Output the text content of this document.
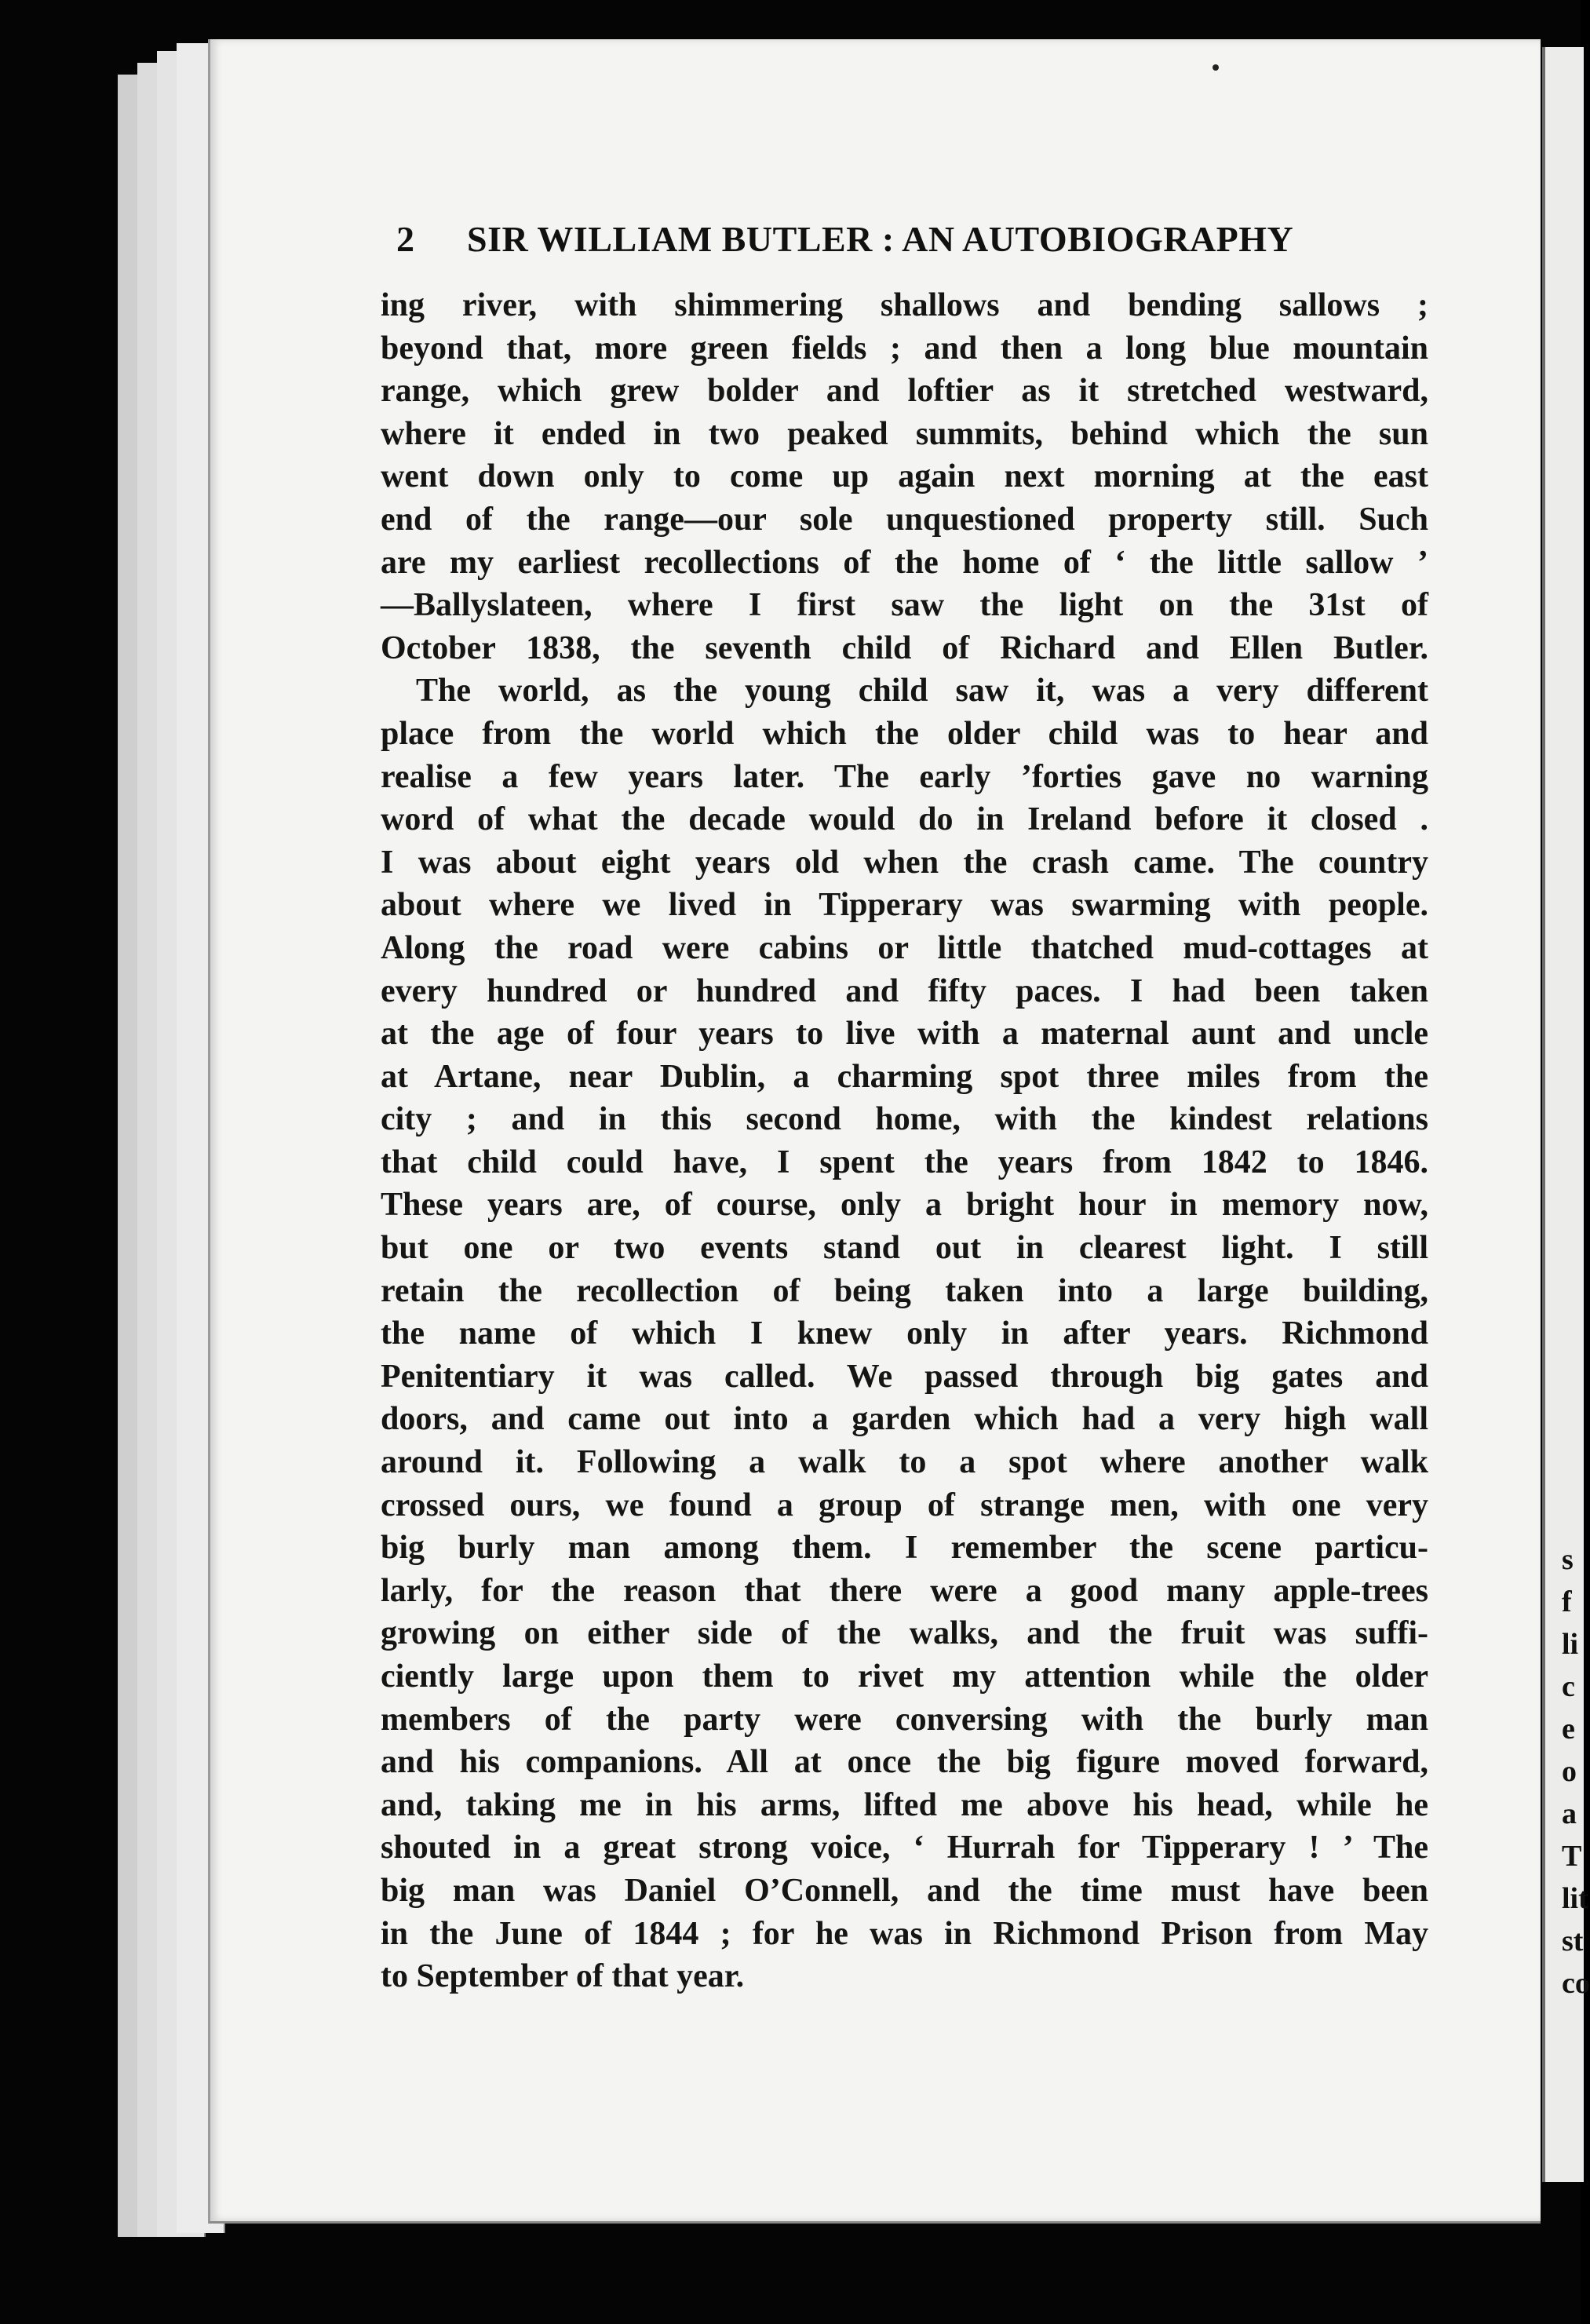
2 SIR WILLIAM BUTLER : AN AUTOBIOGRAPHY
ing river, with shimmering shallows and bending sallows ;
beyond that, more green fields ; and then a long blue mountain
range, which grew bolder and loftier as it stretched westward,
where it ended in two peaked summits, behind which the sun
went down only to come up again next morning at the east
end of the range—our sole unquestioned property still. Such
are my earliest recollections of the home of ‘ the little sallow ’
—Ballyslateen, where I first saw the light on the 31st of
October 1838, the seventh child of Richard and Ellen Butler.
The world, as the young child saw it, was a very different
place from the world which the older child was to hear and
realise a few years later. The early ’forties gave no warning
word of what the decade would do in Ireland before it closed .
I was about eight years old when the crash came. The country
about where we lived in Tipperary was swarming with people.
Along the road were cabins or little thatched mud-cottages at
every hundred or hundred and fifty paces. I had been taken
at the age of four years to live with a maternal aunt and uncle
at Artane, near Dublin, a charming spot three miles from the
city ; and in this second home, with the kindest relations
that child could have, I spent the years from 1842 to 1846.
These years are, of course, only a bright hour in memory now,
but one or two events stand out in clearest light. I still
retain the recollection of being taken into a large building,
the name of which I knew only in after years. Richmond
Penitentiary it was called. We passed through big gates and
doors, and came out into a garden which had a very high wall
around it. Following a walk to a spot where another walk
crossed ours, we found a group of strange men, with one very
big burly man among them. I remember the scene particu-
larly, for the reason that there were a good many apple-trees
growing on either side of the walks, and the fruit was suffi-
ciently large upon them to rivet my attention while the older
members of the party were conversing with the burly man
and his companions. All at once the big figure moved forward,
and, taking me in his arms, lifted me above his head, while he
shouted in a great strong voice, ‘ Hurrah for Tipperary ! ’ The
big man was Daniel O’Connell, and the time must have been
in the June of 1844 ; for he was in Richmond Prison from May
to September of that year.
s
f
li
c
e
o
a
T
lit
st
co
